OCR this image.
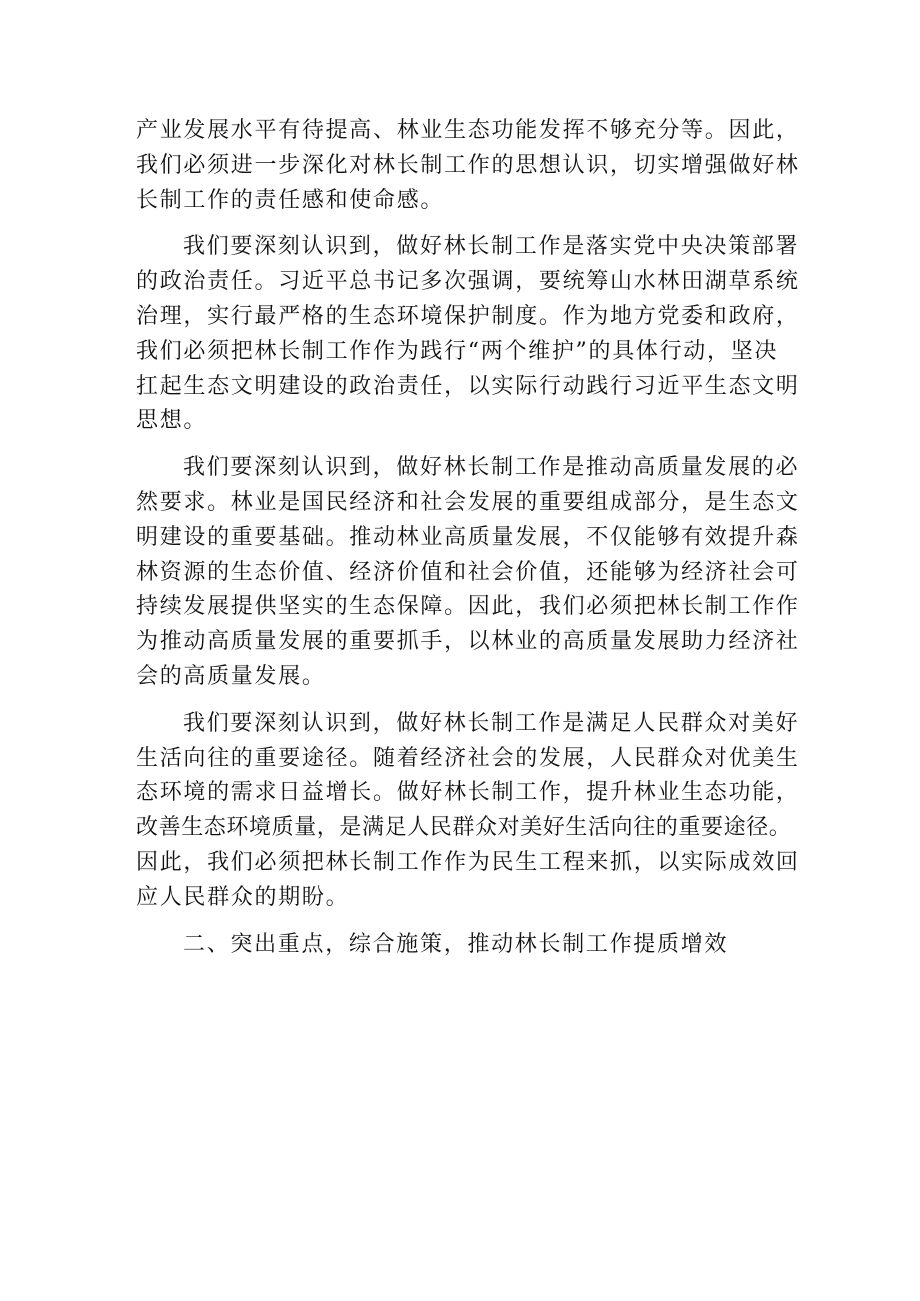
产业发展水平有待提高、林业生态功能发挥不够充分等。因此，
我们必须进一步深化对林长制工作的思想认识，切实增强做好林
长制工作的责任感和使命感。

我们要深刻认识到，做好林长制工作是落实党中央决策部署
的政治责任。习近平总书记多次强调，要统筹山水林田湖草系统
治理，实行最严格的生态环境保护制度。作为地方党委和政府，
我们必须把林长制工作作为践行“两个维护”的具体行动，坚决
扛起生态文明建设的政治责任，以实际行动践行习近平生态文明
思想。

我们要深刻认识到，做好林长制工作是推动高质量发展的必
然要求。林业是国民经济和社会发展的重要组成部分，是生态文
明建设的重要基础。推动林业高质量发展，不仅能够有效提升森
林资源的生态价值、经济价值和社会价值，还能够为经济社会可
持续发展提供坚实的生态保障。因此，我们必须把林长制工作作
为推动高质量发展的重要抓手，以林业的高质量发展助力经济社
会的高质量发展。

我们要深刻认识到，做好林长制工作是满足人民群众对美好
生活向往的重要途径。随着经济社会的发展，人民群众对优美生
态环境的需求日益增长。做好林长制工作，提升林业生态功能，
改善生态环境质量，是满足人民群众对美好生活向往的重要途径。
因此，我们必须把林长制工作作为民生工程来抓，以实际成效回
应人民群众的期盼。

二、突出重点，综合施策，推动林长制工作提质增效
